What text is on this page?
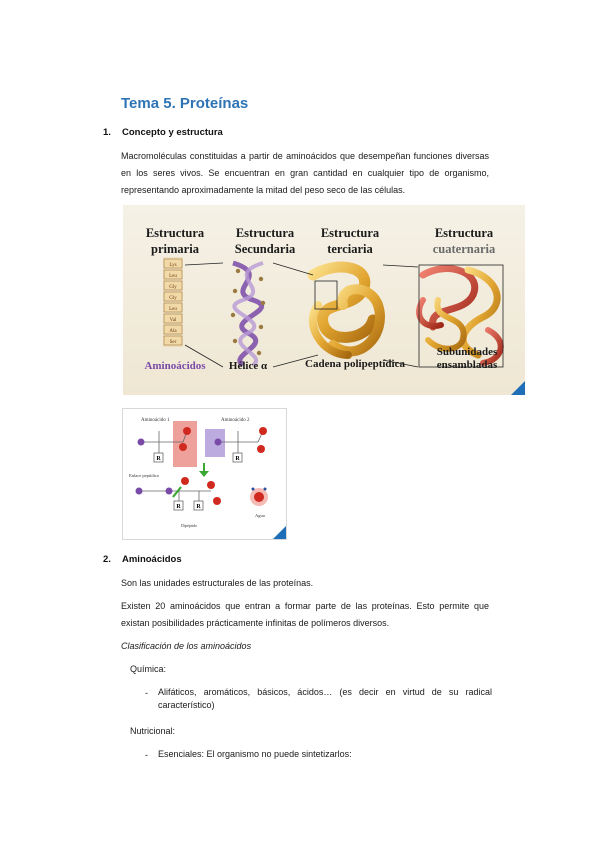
Tema 5. Proteínas
1. Concepto y estructura

Macromoléculas constituidas a partir de aminoácidos que desempeñan funciones diversas en los seres vivos. Se encuentran en gran cantidad en cualquier tipo de organismo, representando aproximadamente la mitad del peso seco de las células.

Estructura
primaria
Estructura
Secundaria
Estructura
terciaria
Estructura
cuaternaria
Lys
Leu
Gly
Gly
Leu
Val
Ala
Ser
Aminoácidos Hélice α	Cadena polipeptídica
Subunidades
ensambladas
Aminoácido 1	Aminoácido 2
R	R
R	R
Enlace peptídico
Agua
Dipéptido
2. Aminoácidos

Son las unidades estructurales de las proteínas.

Existen 20 aminoácidos que entran a formar parte de las proteínas. Esto permite que existan posibilidades prácticamente infinitas de polímeros diversos.

Clasificación de los aminoácidos

Química:

- Alifáticos, aromáticos, básicos, ácidos… (es decir en virtud de su radical característico)

Nutricional:

- Esenciales: El organismo no puede sintetizarlos:
